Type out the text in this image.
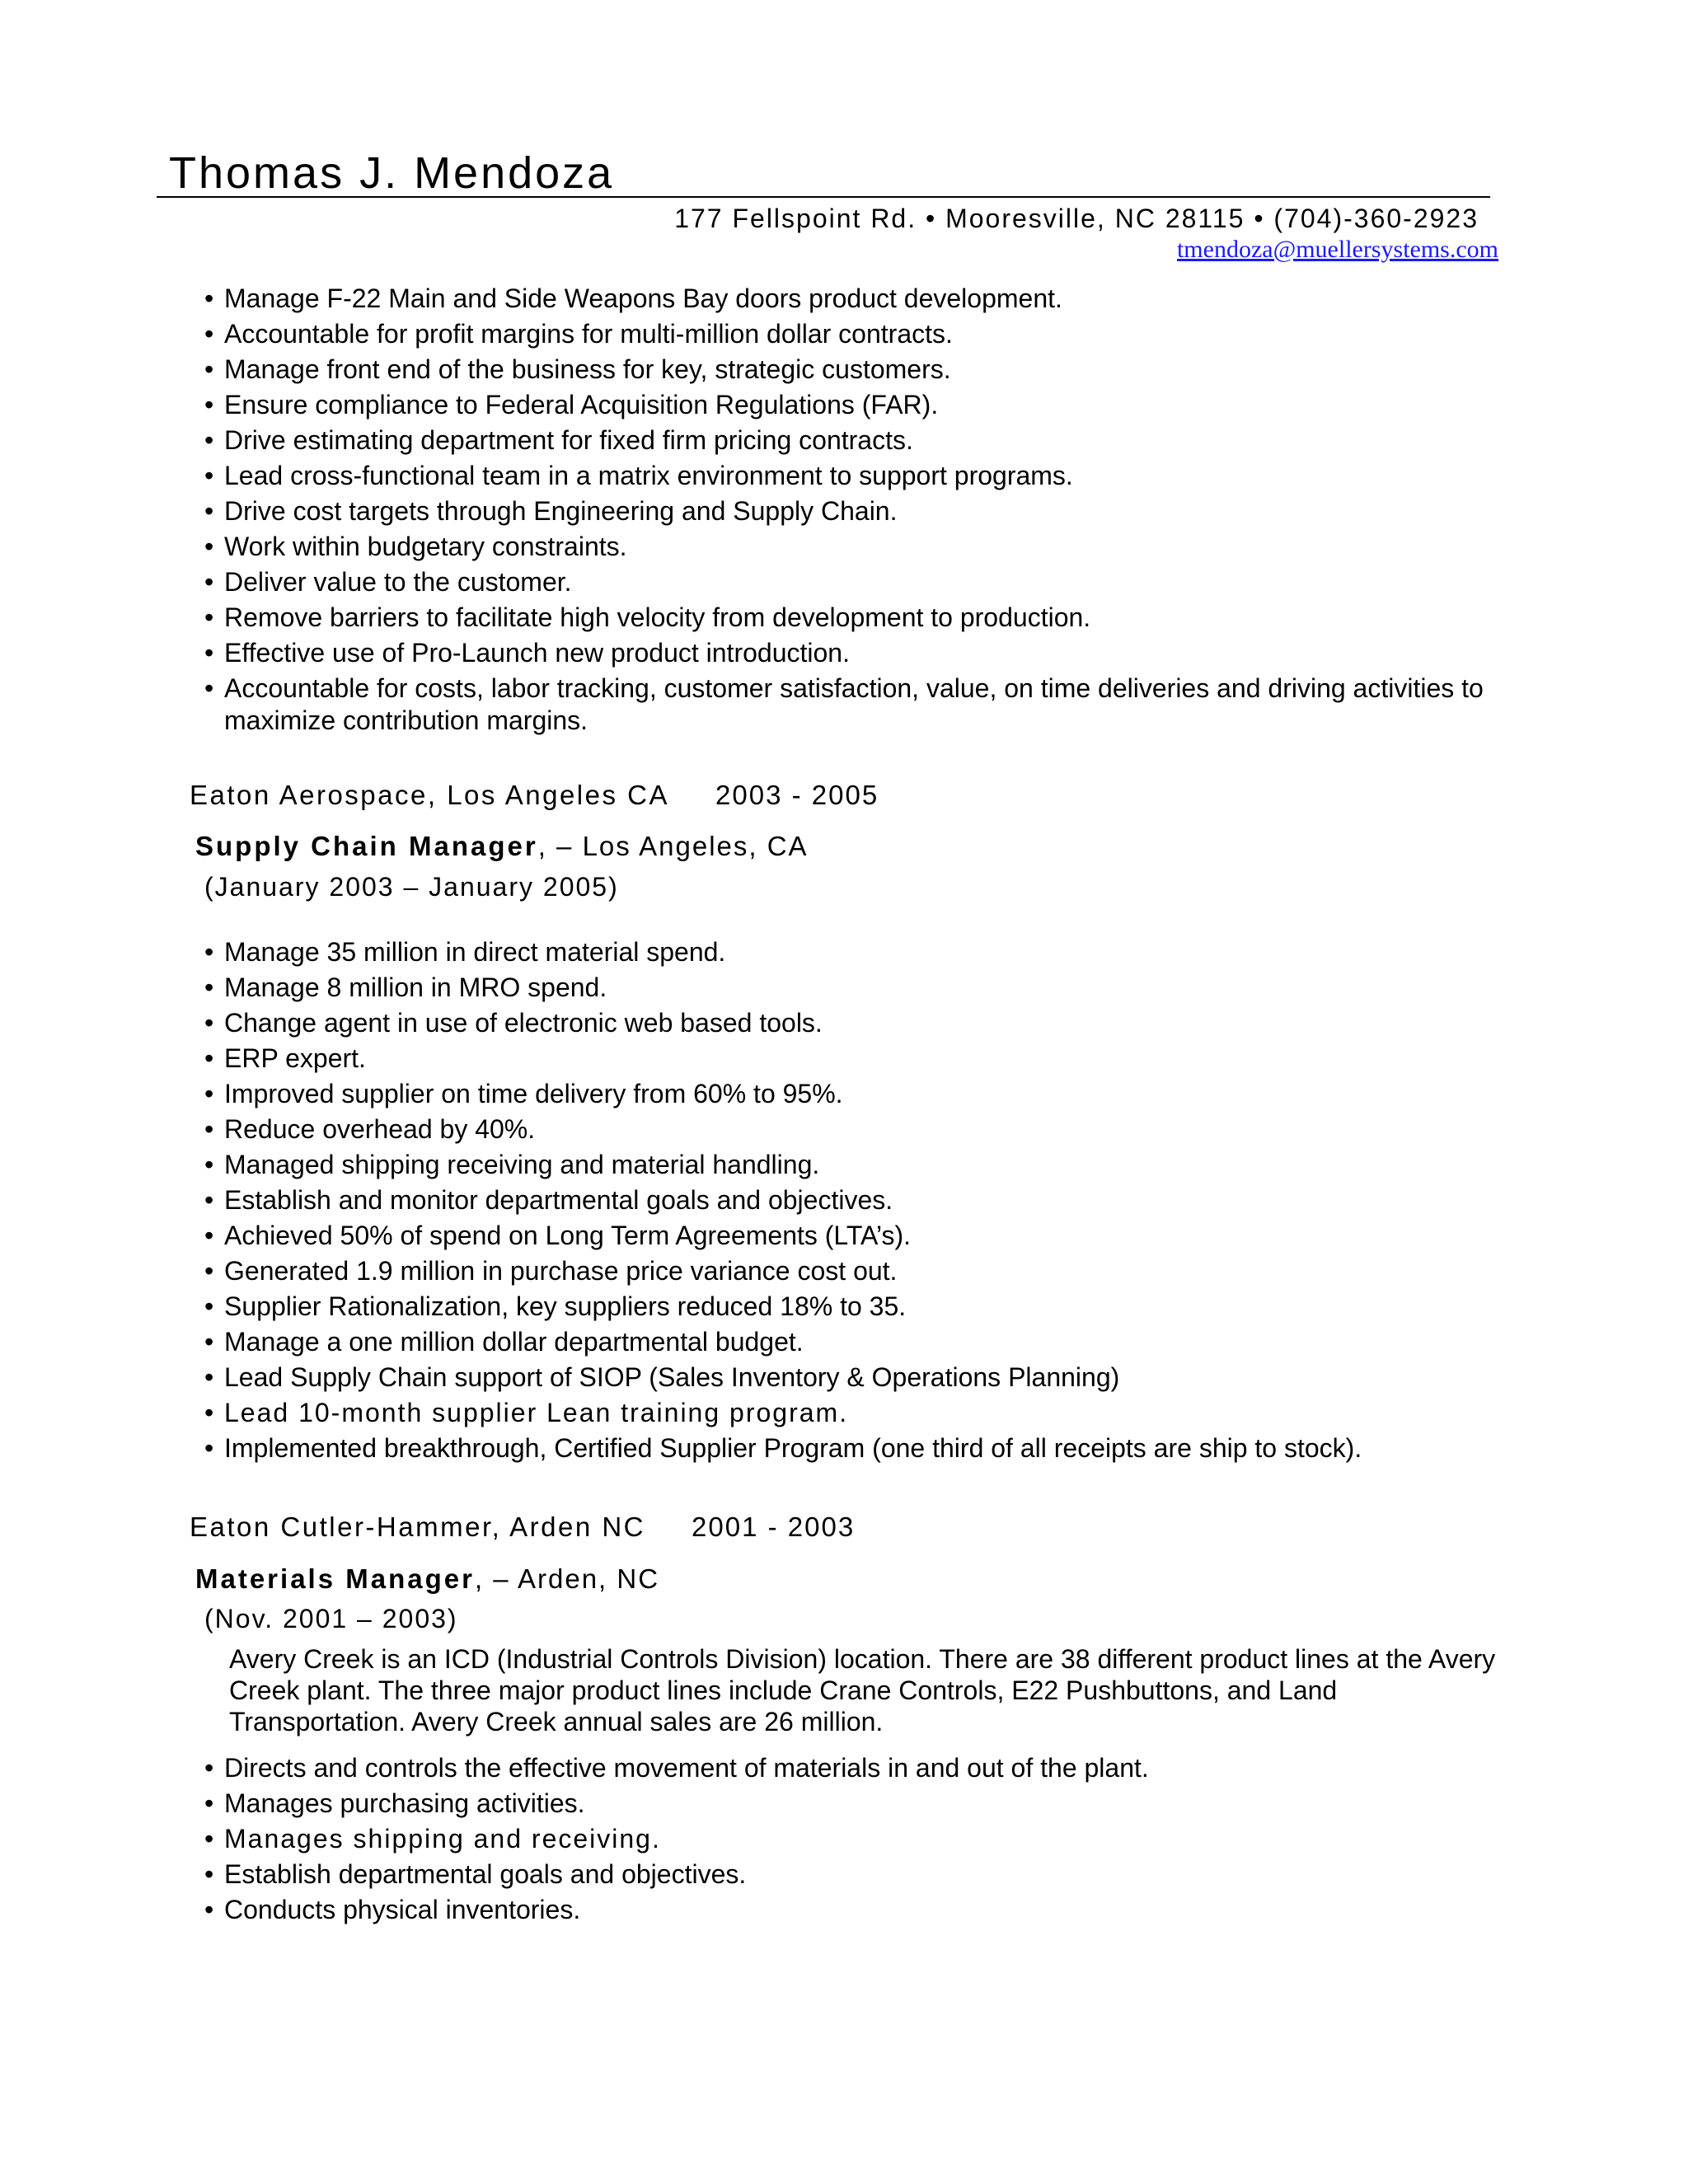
Thomas J. Mendoza
177 Fellspoint Rd. • Mooresville, NC 28115 • (704)-360-2923
tmendoza@muellersystems.com
• Manage F-22 Main and Side Weapons Bay doors product development.
• Accountable for profit margins for multi-million dollar contracts.
• Manage front end of the business for key, strategic customers.
• Ensure compliance to Federal Acquisition Regulations (FAR).
• Drive estimating department for fixed firm pricing contracts.
• Lead cross-functional team in a matrix environment to support programs.
• Drive cost targets through Engineering and Supply Chain.
• Work within budgetary constraints.
• Deliver value to the customer.
• Remove barriers to facilitate high velocity from development to production.
• Effective use of Pro-Launch new product introduction.
• Accountable for costs, labor tracking, customer satisfaction, value, on time deliveries and driving activities to maximize contribution margins.
Eaton Aerospace, Los Angeles CA 2003 - 2005
Supply Chain Manager, – Los Angeles, CA
(January 2003 – January 2005)
• Manage 35 million in direct material spend.
• Manage 8 million in MRO spend.
• Change agent in use of electronic web based tools.
• ERP expert.
• Improved supplier on time delivery from 60% to 95%.
• Reduce overhead by 40%.
• Managed shipping receiving and material handling.
• Establish and monitor departmental goals and objectives.
• Achieved 50% of spend on Long Term Agreements (LTA’s).
• Generated 1.9 million in purchase price variance cost out.
• Supplier Rationalization, key suppliers reduced 18% to 35.
• Manage a one million dollar departmental budget.
• Lead Supply Chain support of SIOP (Sales Inventory & Operations Planning)
• Lead 10-month supplier Lean training program.
• Implemented breakthrough, Certified Supplier Program (one third of all receipts are ship to stock).
Eaton Cutler-Hammer, Arden NC 2001 - 2003
Materials Manager, – Arden, NC
(Nov. 2001 – 2003)
Avery Creek is an ICD (Industrial Controls Division) location. There are 38 different product lines at the Avery Creek plant. The three major product lines include Crane Controls, E22 Pushbuttons, and Land Transportation. Avery Creek annual sales are 26 million.
• Directs and controls the effective movement of materials in and out of the plant.
• Manages purchasing activities.
• Manages shipping and receiving.
• Establish departmental goals and objectives.
• Conducts physical inventories.
